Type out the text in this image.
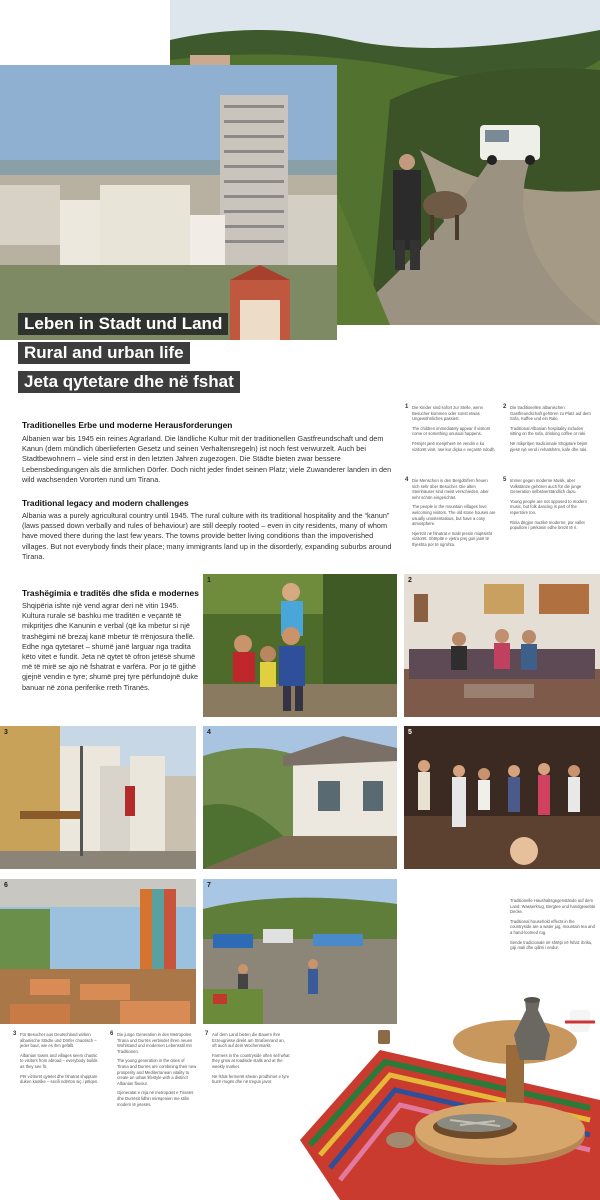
Leben in Stadt und Land
Rural and urban life
Jeta qytetare dhe në fshat
Traditionelles Erbe und moderne Herausforderungen

Albanien war bis 1945 ein reines Agrarland. Die ländliche Kultur mit der traditionellen Gastfreundschaft und dem Kanun (dem mündlich überlieferten Gesetz und seinen Verhaltensregeln) ist noch fest verwurzelt. Auch bei Stadtbewohnern – viele sind erst in den letzten Jahren zugezogen. Die Städte bieten zwar bessere Lebensbedingungen als die ärmlichen Dörfer. Doch nicht jeder findet seinen Platz; viele Zuwanderer landen in den wild wachsenden Vororten rund um Tirana.

Traditional legacy and modern challenges

Albania was a purely agricultural country until 1945. The rural culture with its traditional hospitality and the “kanun” (laws passed down verbally and rules of behaviour) are still deeply rooted – even in city residents, many of whom have moved there during the last few years. The towns provide better living conditions than the impoverished villages. But not everybody finds their place; many immigrants land up in the disorderly, expanding suburbs around Tirana.

Trashëgimia e traditës dhe sfida e modernes

Shqipëria ishte një vend agrar deri në vitin 1945. Kultura rurale së bashku me traditën e veçantë të mikpritjes dhe Kanunin e verbal (që ka mbetur si një trashëgimi në brezaj kanë mbetur të rrënjosura thellë. Edhe nga qytetaret – shumë janë larguar nga tradita këto vitet e fundit. Jeta në qytet të ofron jetësë shumë më të mirë se ajo në fshatrat e varfëra. Por jo të gjithë gjejnë vendin e tyre; shumë prej tyre përfundojnë duke banuar në zona periferike rreth Tiranës.

1 Die Kinder sind sofort zur Stelle, wenn Besucher kommen oder sonst etwas Ungewöhnliches passiert.

The children immediately appear if visitors come or something unusual happens.

Fëmijët janë menjëherë në vendin e ku vizitorët vinë, ose kur diçka e veçantë ndodh.

2 Die traditionellen albanischen Gastfreundschaft gehören zu Platz auf dem Sofa, Kaffee und ein Raki.

Traditional Albanian hospitality includes sitting on the sofa, drinking coffee or raki.

Në mikpritjen tradicionale Shqiptare bëjnë pjesë një vend i rehatshëm, kafe dhe raki.

4 Die Menschen in den Bergdörfern freuen sich sehr über Besucher. Die alten Steinhäuser sind meist verschieden, aber sehr schön eingerichtet.

The people in the mountain villages love welcoming visitors. The old stone houses are usually unostentatious, but have a cosy atmosphere.

Njerëzit në fshatrat e malit presin miqësisht vizitorët. Shtëpitë e vjetra prej guri janë të thjeshta por të ngrohta.

5 Immer gegen moderne Musik, aber Volkstänze gehören auch für die junge Generation selbstverständlich dazu.

Young people are not opposed to modern music, but folk dancing is part of the repertoire too.

Rinia dëgjon muzikë moderne, por vallet popullore i përkasin edhe brezit të ri.

1	2
3	4	5
6	7

Traditionelle Haushaltsgegenstände auf dem Land: Wasserkrug, Bergtee und handgewebte Decke.

Traditional household effects in the countryside are a water jug, mountain tea and a hand-loomed rug.

Sende tradicionale në shtëpi në fshat: ibriku, çaji mali dhe qilimi i endur.

3 Für Besucher aus Deutschland wirken albanische Städte und Dörfer chaotisch – jeder baut, wie es ihm gefällt.

Albanian towns and villages seem chaotic to visitors from abroad – everybody builds as they see fit.

Për vizitorët qytetet dhe fshatrat shqiptare duken kaotike – secili ndërton siç i pëlqen.

6 Die junge Generation in den Metropolen Tirana und Durrës verbindet ihren neuen Wohlstand und modernen Lebensstil mit Traditionen.

The young generation in the cities of Tirana and Durrës are combining their new prosperity and Mediterranean vitality to create an urban lifestyle with a distinct Albanian flavour.

Gjeneratat e reja në metropolet e Tiranës dhe Durrësit lidhin mirëqenien me stilin modern të jetesës.

7 Auf dem Land bieten die Bauern ihre Erzeugnisse direkt am Straßenrand an, oft auch auf dem Wochenmarkt.

Farmers in the countryside often sell what they grow at roadside stalls and at the weekly market.

Në fshat fermerët shesin prodhimet e tyre buzë rrugës dhe në tregun javor.
